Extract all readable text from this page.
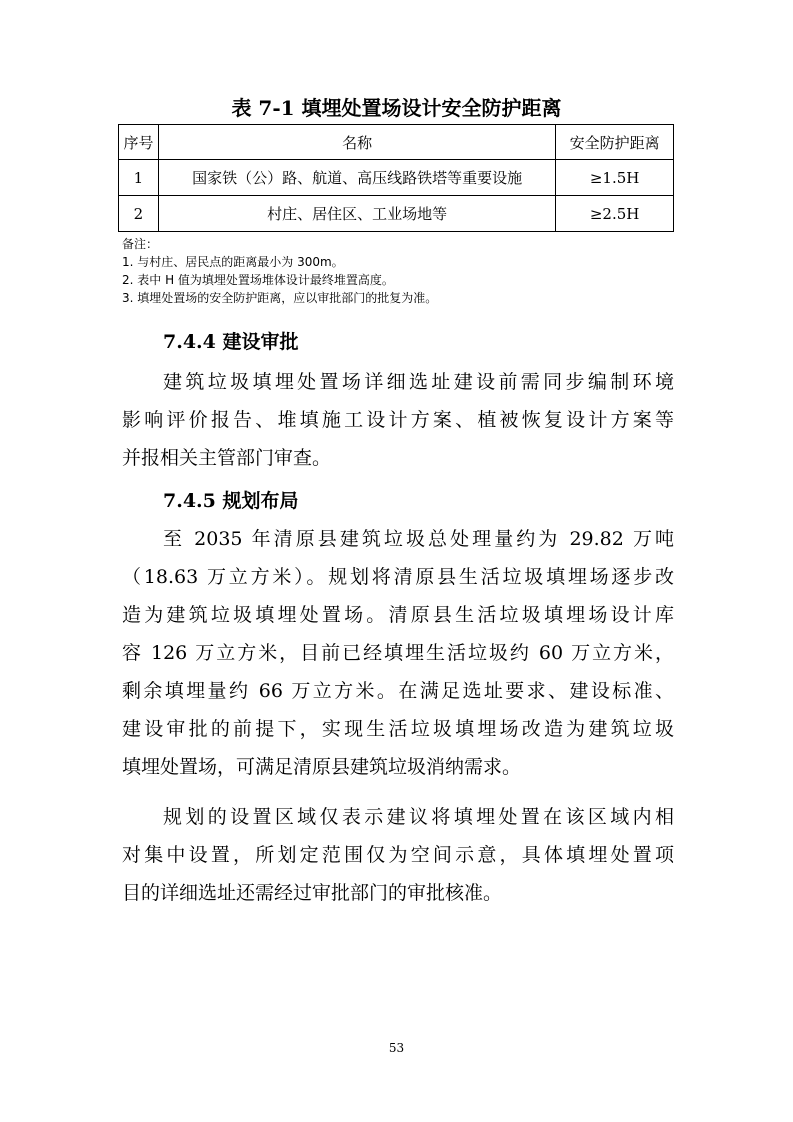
表 7-1 填埋处置场设计安全防护距离
序号	名称	安全防护距离
1	国家铁（公）路、航道、高压线路铁塔等重要设施	≥1.5H
2	村庄、居住区、工业场地等	≥2.5H
备注：
1. 与村庄、居民点的距离最小为 300m。
2. 表中 H 值为填埋处置场堆体设计最终堆置高度。
3. 填埋处置场的安全防护距离，应以审批部门的批复为准。
7.4.4 建设审批
建筑垃圾填埋处置场详细选址建设前需同步编制环境
影响评价报告、堆填施工设计方案、植被恢复设计方案等
并报相关主管部门审查。
7.4.5 规划布局
至 2035 年清原县建筑垃圾总处理量约为 29.82 万吨
（18.63 万立方米）。规划将清原县生活垃圾填埋场逐步改
造为建筑垃圾填埋处置场。清原县生活垃圾填埋场设计库
容 126 万立方米，目前已经填埋生活垃圾约 60 万立方米，
剩余填埋量约 66 万立方米。在满足选址要求、建设标准、
建设审批的前提下，实现生活垃圾填埋场改造为建筑垃圾
填埋处置场，可满足清原县建筑垃圾消纳需求。
规划的设置区域仅表示建议将填埋处置在该区域内相
对集中设置，所划定范围仅为空间示意，具体填埋处置项
目的详细选址还需经过审批部门的审批核准。
53
